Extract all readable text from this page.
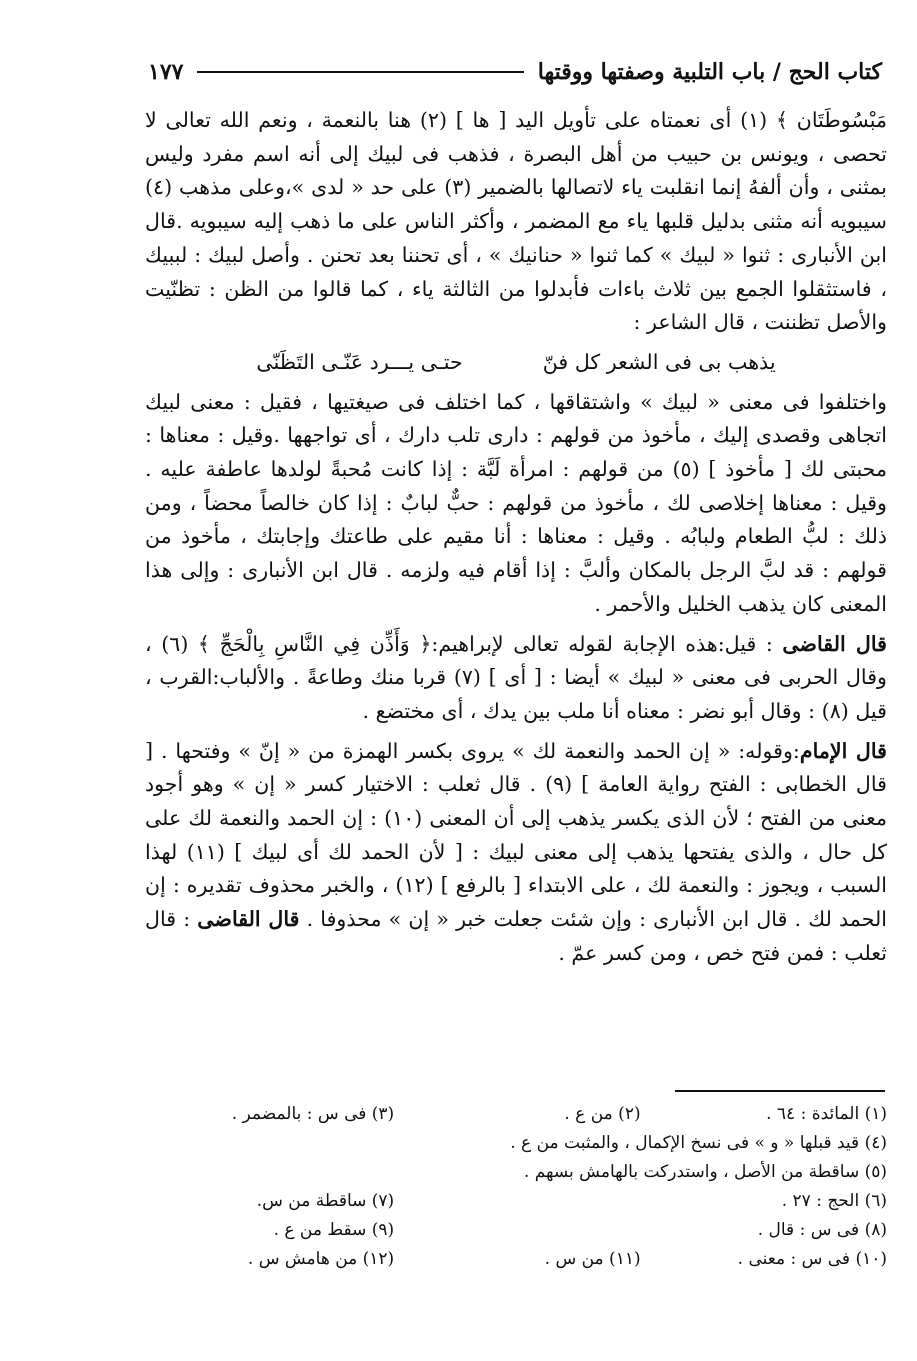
كتاب الحج / باب التلبية وصفتها ووقتها
١٧٧

مَبْسُوطَتَان ﴾ (١) أى نعمتاه على تأويل اليد [ ها ] (٢) هنا بالنعمة ، ونعم الله تعالى لا تحصى ، ويونس بن حبيب من أهل البصرة ، فذهب فى لبيك إلى أنه اسم مفرد وليس بمثنى ، وأن ألفهُ إنما انقلبت ياء لاتصالها بالضمير (٣) على حد « لدى »،وعلى مذهب (٤) سيبويه أنه مثنى بدليل قلبها ياء مع المضمر ، وأكثر الناس على ما ذهب إليه سيبويه .قال ابن الأنبارى : ثنوا « لبيك » كما ثنوا « حنانيك » ، أى تحننا بعد تحنن . وأصل لبيك : لببيك ، فاستثقلوا الجمع بين ثلاث باءات فأبدلوا من الثالثة ياء ، كما قالوا من الظن : تظنّيت والأصل تظننت ، قال الشاعر :

يذهب بى فى الشعر كل فنّ
حتـى يـــرد عَنّـى التَظَنّى

واختلفوا فى معنى « لبيك » واشتقاقها ، كما اختلف فى صيغتيها ، فقيل : معنى لبيك اتجاهى وقصدى إليك ، مأخوذ من قولهم : دارى تلب دارك ، أى تواجهها .وقيل : معناها : محبتى لك [ مأخوذ ] (٥) من قولهم : امرأة لَبَّة : إذا كانت مُحبةً لولدها عاطفة عليه . وقيل : معناها إخلاصى لك ، مأخوذ من قولهم : حبٌّ لبابٌ : إذا كان خالصاً محضاً ، ومن ذلك : لبُّ الطعام ولبابُه . وقيل : معناها : أنا مقيم على طاعتك وإجابتك ، مأخوذ من قولهم : قد لبَّ الرجل بالمكان وألبَّ : إذا أقام فيه ولزمه . قال ابن الأنبارى : وإلى هذا المعنى كان يذهب الخليل والأحمر .

قال القاضى : قيل:هذه الإجابة لقوله تعالى لإبراهيم:﴿ وَأَذِّن فِي النَّاسِ بِالْحَجِّ ﴾ (٦) ، وقال الحربى فى معنى « لبيك » أيضا : [ أى ] (٧) قربا منك وطاعةً . والألباب:القرب ، قيل (٨) : وقال أبو نضر : معناه أنا ملب بين يدك ، أى مختضع .

قال الإمام:وقوله: « إن الحمد والنعمة لك » يروى بكسر الهمزة من « إنّ » وفتحها . [ قال الخطابى : الفتح رواية العامة ] (٩) . قال ثعلب : الاختيار كسر « إن » وهو أجود معنى من الفتح ؛ لأن الذى يكسر يذهب إلى أن المعنى (١٠) : إن الحمد والنعمة لك على كل حال ، والذى يفتحها يذهب إلى معنى لبيك : [ لأن الحمد لك أى لبيك ] (١١) لهذا السبب ، ويجوز : والنعمة لك ، على الابتداء [ بالرفع ] (١٢) ، والخبر محذوف تقديره : إن الحمد لك . قال ابن الأنبارى : وإن شئت جعلت خبر « إن » محذوفا . قال القاضى : قال ثعلب : فمن فتح خص ، ومن كسر عمّ .

(١) المائدة : ٦٤ .
(٢) من ع .
(٣) فى س : بالمضمر .
(٤) قيد قبلها « و » فى نسخ الإكمال ، والمثبت من ع .
(٥) ساقطة من الأصل ، واستدركت بالهامش بسهم .
(٦) الحج : ٢٧ .
(٧) ساقطة من س.
(٨) فى س : قال .
(٩) سقط من ع .
(١٠) فى س : معنى .
(١١) من س .
(١٢) من هامش س .
